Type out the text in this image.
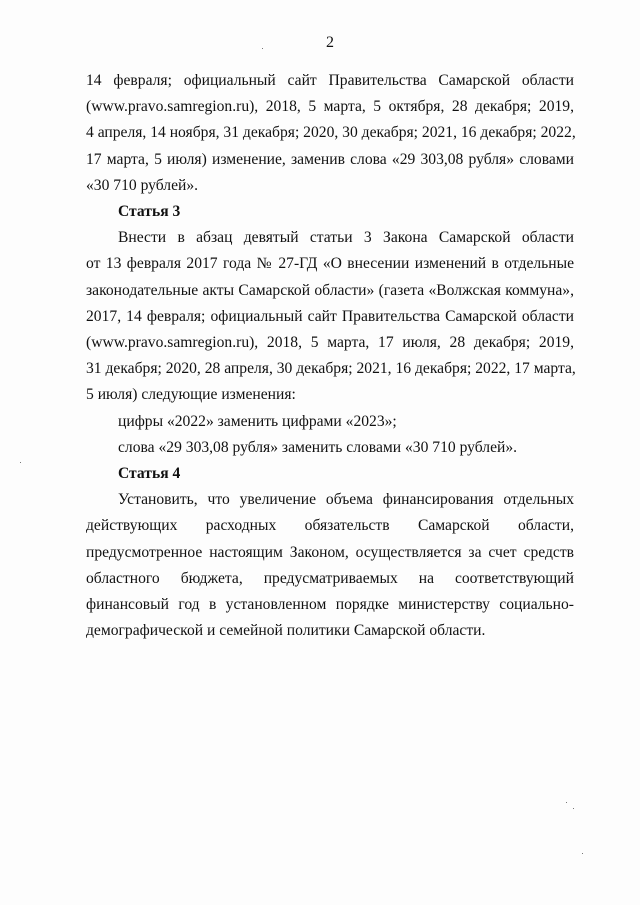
2
14 февраля; официальный сайт Правительства Самарской области
(www.pravo.samregion.ru), 2018, 5 марта, 5 октября, 28 декабря; 2019,
4 апреля, 14 ноября, 31 декабря; 2020, 30 декабря; 2021, 16 декабря; 2022,
17 марта, 5 июля) изменение, заменив слова «29 303,08 рубля» словами
«30 710 рублей».
Статья 3
Внести в абзац девятый статьи 3 Закона Самарской области
от 13 февраля 2017 года № 27-ГД «О внесении изменений в отдельные
законодательные акты Самарской области» (газета «Волжская коммуна»,
2017, 14 февраля; официальный сайт Правительства Самарской области
(www.pravo.samregion.ru), 2018, 5 марта, 17 июля, 28 декабря; 2019,
31 декабря; 2020, 28 апреля, 30 декабря; 2021, 16 декабря; 2022, 17 марта,
5 июля) следующие изменения:
цифры «2022» заменить цифрами «2023»;
слова «29 303,08 рубля» заменить словами «30 710 рублей».
Статья 4
Установить, что увеличение объема финансирования отдельных
действующих расходных обязательств Самарской области,
предусмотренное настоящим Законом, осуществляется за счет средств
областного бюджета, предусматриваемых на соответствующий
финансовый год в установленном порядке министерству социально-
демографической и семейной политики Самарской области.
